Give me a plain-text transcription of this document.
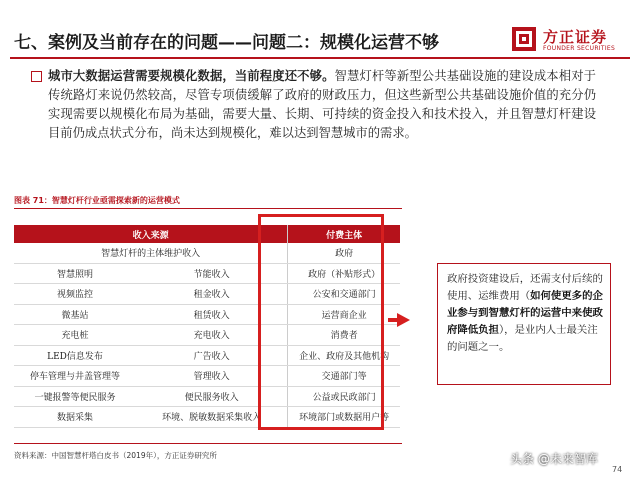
七、案例及当前存在的问题——问题二：规模化运营不够	方正证券
FOUNDER SECURITIES
城市大数据运营需要规模化数据，当前程度还不够。智慧灯杆等新型公共基础设施的建设成本相对于传统路灯来说仍然较高，尽管专项债缓解了政府的财政压力，但这些新型公共基础设施价值的充分仍实现需要以规模化布局为基础，需要大量、长期、可持续的资金投入和技术投入，并且智慧灯杆建设目前仍成点状式分布，尚未达到规模化，难以达到智慧城市的需求。
图表 71：智慧灯杆行业亟需探索新的运营模式
收入来源		付费主体
智慧灯杆的主体维护收入		政府
智慧照明	节能收入	政府（补贴形式）
视频监控	租金收入	公安和交通部门
微基站	租赁收入	运营商企业
充电桩	充电收入	消费者
LED信息发布	广告收入	企业、政府及其他机构
停车管理与井盖管理等	管理收入	交通部门等
一键报警等便民服务	便民服务收入	公益或民政部门
数据采集	环境、脱敏数据采集收入	环境部门或数据用户等
政府投资建设后，还需支付后续的使用、运维费用（如何使更多的企业参与到智慧灯杆的运营中来使政府降低负担），是业内人士最关注的问题之一。
资料来源：中国智慧杆塔白皮书（2019年），方正证券研究所	头条 @未来智库
74
